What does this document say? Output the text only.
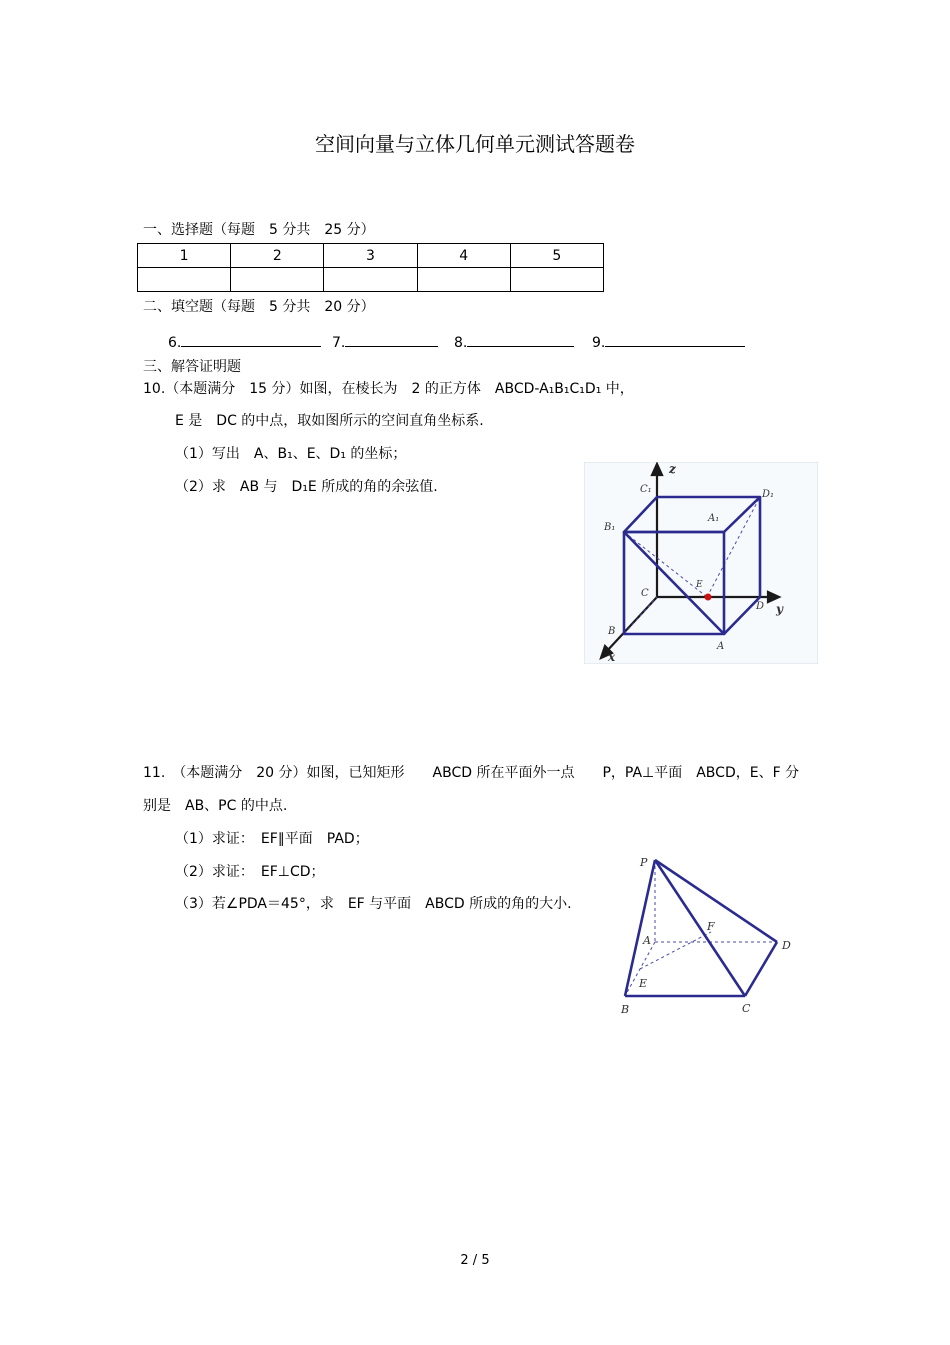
空间向量与立体几何单元测试答题卷
一、选择题（每题　5 分共　25 分）
1	2	3	4	5

二、填空题（每题　5 分共　20 分）
6.	7.	8.	9.
三、解答证明题
10.（本题满分　15 分）如图，在棱长为　2 的正方体　ABCD-A₁B₁C₁D₁ 中，
E 是　DC 的中点，取如图所示的空间直角坐标系.
（1）写出　A、B₁、E、D₁ 的坐标；
（2）求　AB 与　D₁E 所成的角的余弦值.
z
y
x
C₁	D₁
A₁
B₁
C
E
D
B
A
11.　（本题满分　20 分）如图，已知矩形　　ABCD 所在平面外一点　　P，PA⊥平面　ABCD，E、F 分
别是　AB、PC 的中点.
（1）求证：　EF∥平面　PAD；
（2）求证：　EF⊥CD；
（3）若∠PDA＝45°，求　EF 与平面　ABCD 所成的角的大小.
P
A
F
D
E
B	C
2 / 5
